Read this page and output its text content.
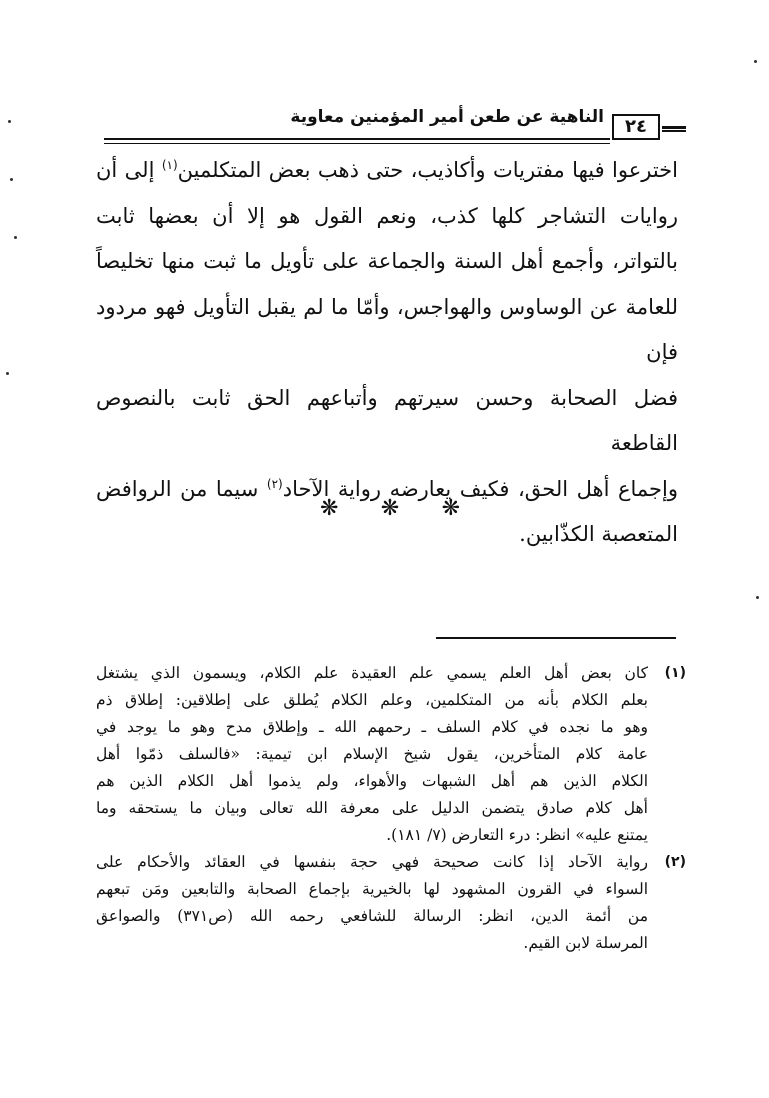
الناهية عن طعن أمير المؤمنين معاوية	٢٤
اخترعوا فيها مفتريات وأكاذيب، حتى ذهب بعض المتكلمين$^{(١)}$ إلى أن
روايات التشاجر كلها كذب، ونعم القول هو إلا أن بعضها ثابت
بالتواتر، وأجمع أهل السنة والجماعة على تأويل ما ثبت منها تخليصاً
للعامة عن الوساوس والهواجس، وأمّا ما لم يقبل التأويل فهو مردود فإن
فضل الصحابة وحسن سيرتهم وأتباعهم الحق ثابت بالنصوص القاطعة
وإجماع أهل الحق، فكيف يعارضه رواية الآحاد$^{(٢)}$ سيما من الروافض
المتعصبة الكذّابين.
❋ ❋ ❋
(١)
كان بعض أهل العلم يسمي علم العقيدة علم الكلام، ويسمون الذي يشتغل
بعلم الكلام بأنه من المتكلمين، وعلم الكلام يُطلق على إطلاقين: إطلاق ذم
وهو ما نجده في كلام السلف ـ رحمهم الله ـ وإطلاق مدح وهو ما يوجد في
عامة كلام المتأخرين، يقول شيخ الإسلام ابن تيمية: «فالسلف ذمّوا أهل
الكلام الذين هم أهل الشبهات والأهواء، ولم يذموا أهل الكلام الذين هم
أهل كلام صادق يتضمن الدليل على معرفة الله تعالى وبيان ما يستحقه وما
يمتنع عليه» انظر: درء التعارض (٧/ ١٨١).
(٢)
رواية الآحاد إذا كانت صحيحة فهي حجة بنفسها في العقائد والأحكام على
السواء في القرون المشهود لها بالخيرية بإجماع الصحابة والتابعين ومَن تبعهم
من أئمة الدين، انظر: الرسالة للشافعي رحمه الله (ص٣٧١) والصواعق
المرسلة لابن القيم.
